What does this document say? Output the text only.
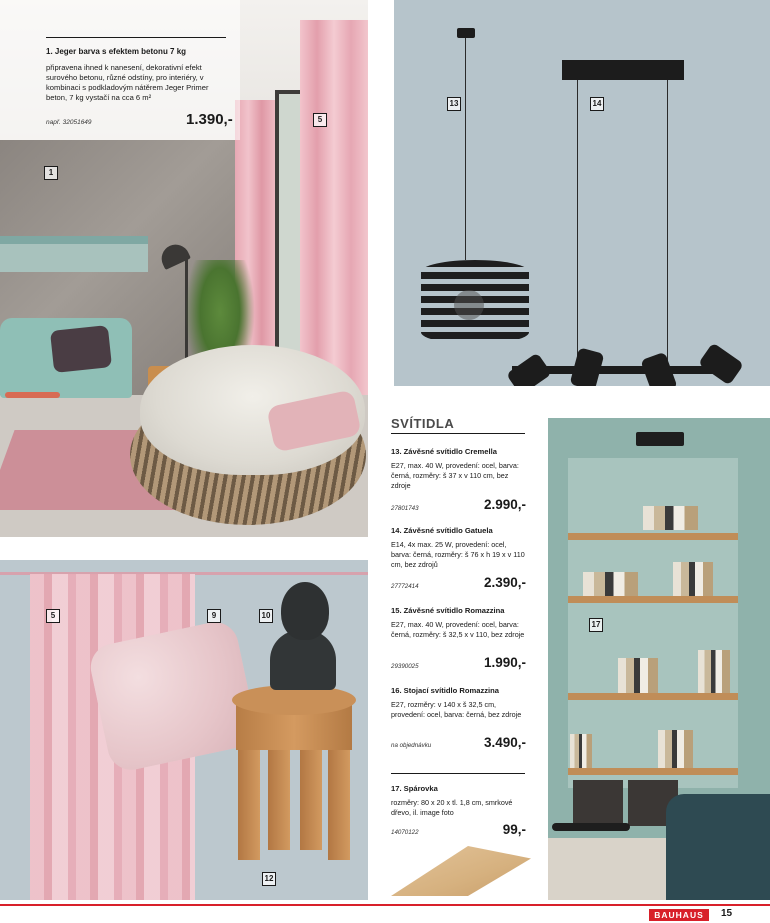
1. Jeger barva s efektem betonu 7 kg
připravena ihned k nanesení, dekorativní efekt surového betonu, různé odstíny, pro interiéry, v kombinaci s podkladovým nátěrem Jeger Primer beton, 7 kg vystačí na cca 6 m²
např. 32051649	1.390,-
1
5
13	14
SVÍTIDLA
13. Závěsné svítidlo Cremella
E27, max. 40 W, provedení: ocel, barva: černá, rozměry: š 37 x v 110 cm, bez zdroje
27801743	2.990,-
14. Závěsné svítidlo Gatuela
E14, 4x max. 25 W, provedení: ocel, barva: černá, rozměry: š 76 x h 19 x v 110 cm, bez zdrojů
27772414	2.390,-
15. Závěsné svítidlo Romazzina
E27, max. 40 W, provedení: ocel, barva: černá, rozměry: š 32,5 x v 110, bez zdroje
29390025	1.990,-
16. Stojací svítidlo Romazzina
E27, rozměry: v 140 x š 32,5 cm, provedení: ocel, barva: černá, bez zdroje
na objednávku	3.490,-
17. Spárovka
rozměry: 80 x 20 x tl. 1,8 cm, smrkové dřevo, il. image foto
14070122	99,-
17
5	9	10
12
BAUHAUS	15
